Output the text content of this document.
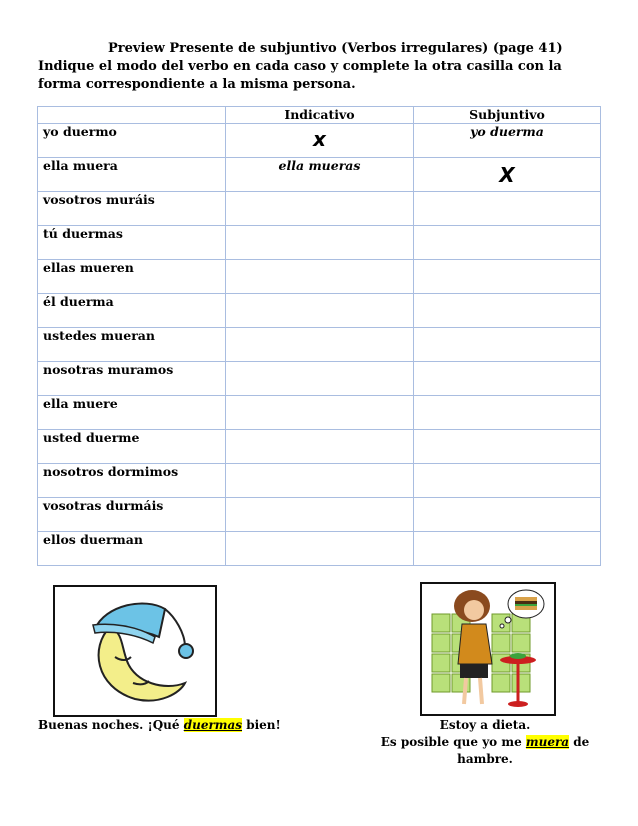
Preview Presente de subjuntivo (Verbos irregulares) (page 41)
Indique el modo del verbo en cada caso y complete la otra casilla con la forma correspondiente a la misma persona.
	Indicativo	Subjuntivo
yo duermo	x	yo duerma
ella muera	ella mueras	X

vosotros muráis		
tú duermas		
ellas mueren		
él duerma		
ustedes mueran		
nosotras muramos		
ella muere		
usted duerme		
nosotros dormimos		
vosotras durmáis		
ellos duerman		
Buenas noches. ¡Qué duermas bien!	Estoy a dieta.
Es posible que yo me muera de hambre.
